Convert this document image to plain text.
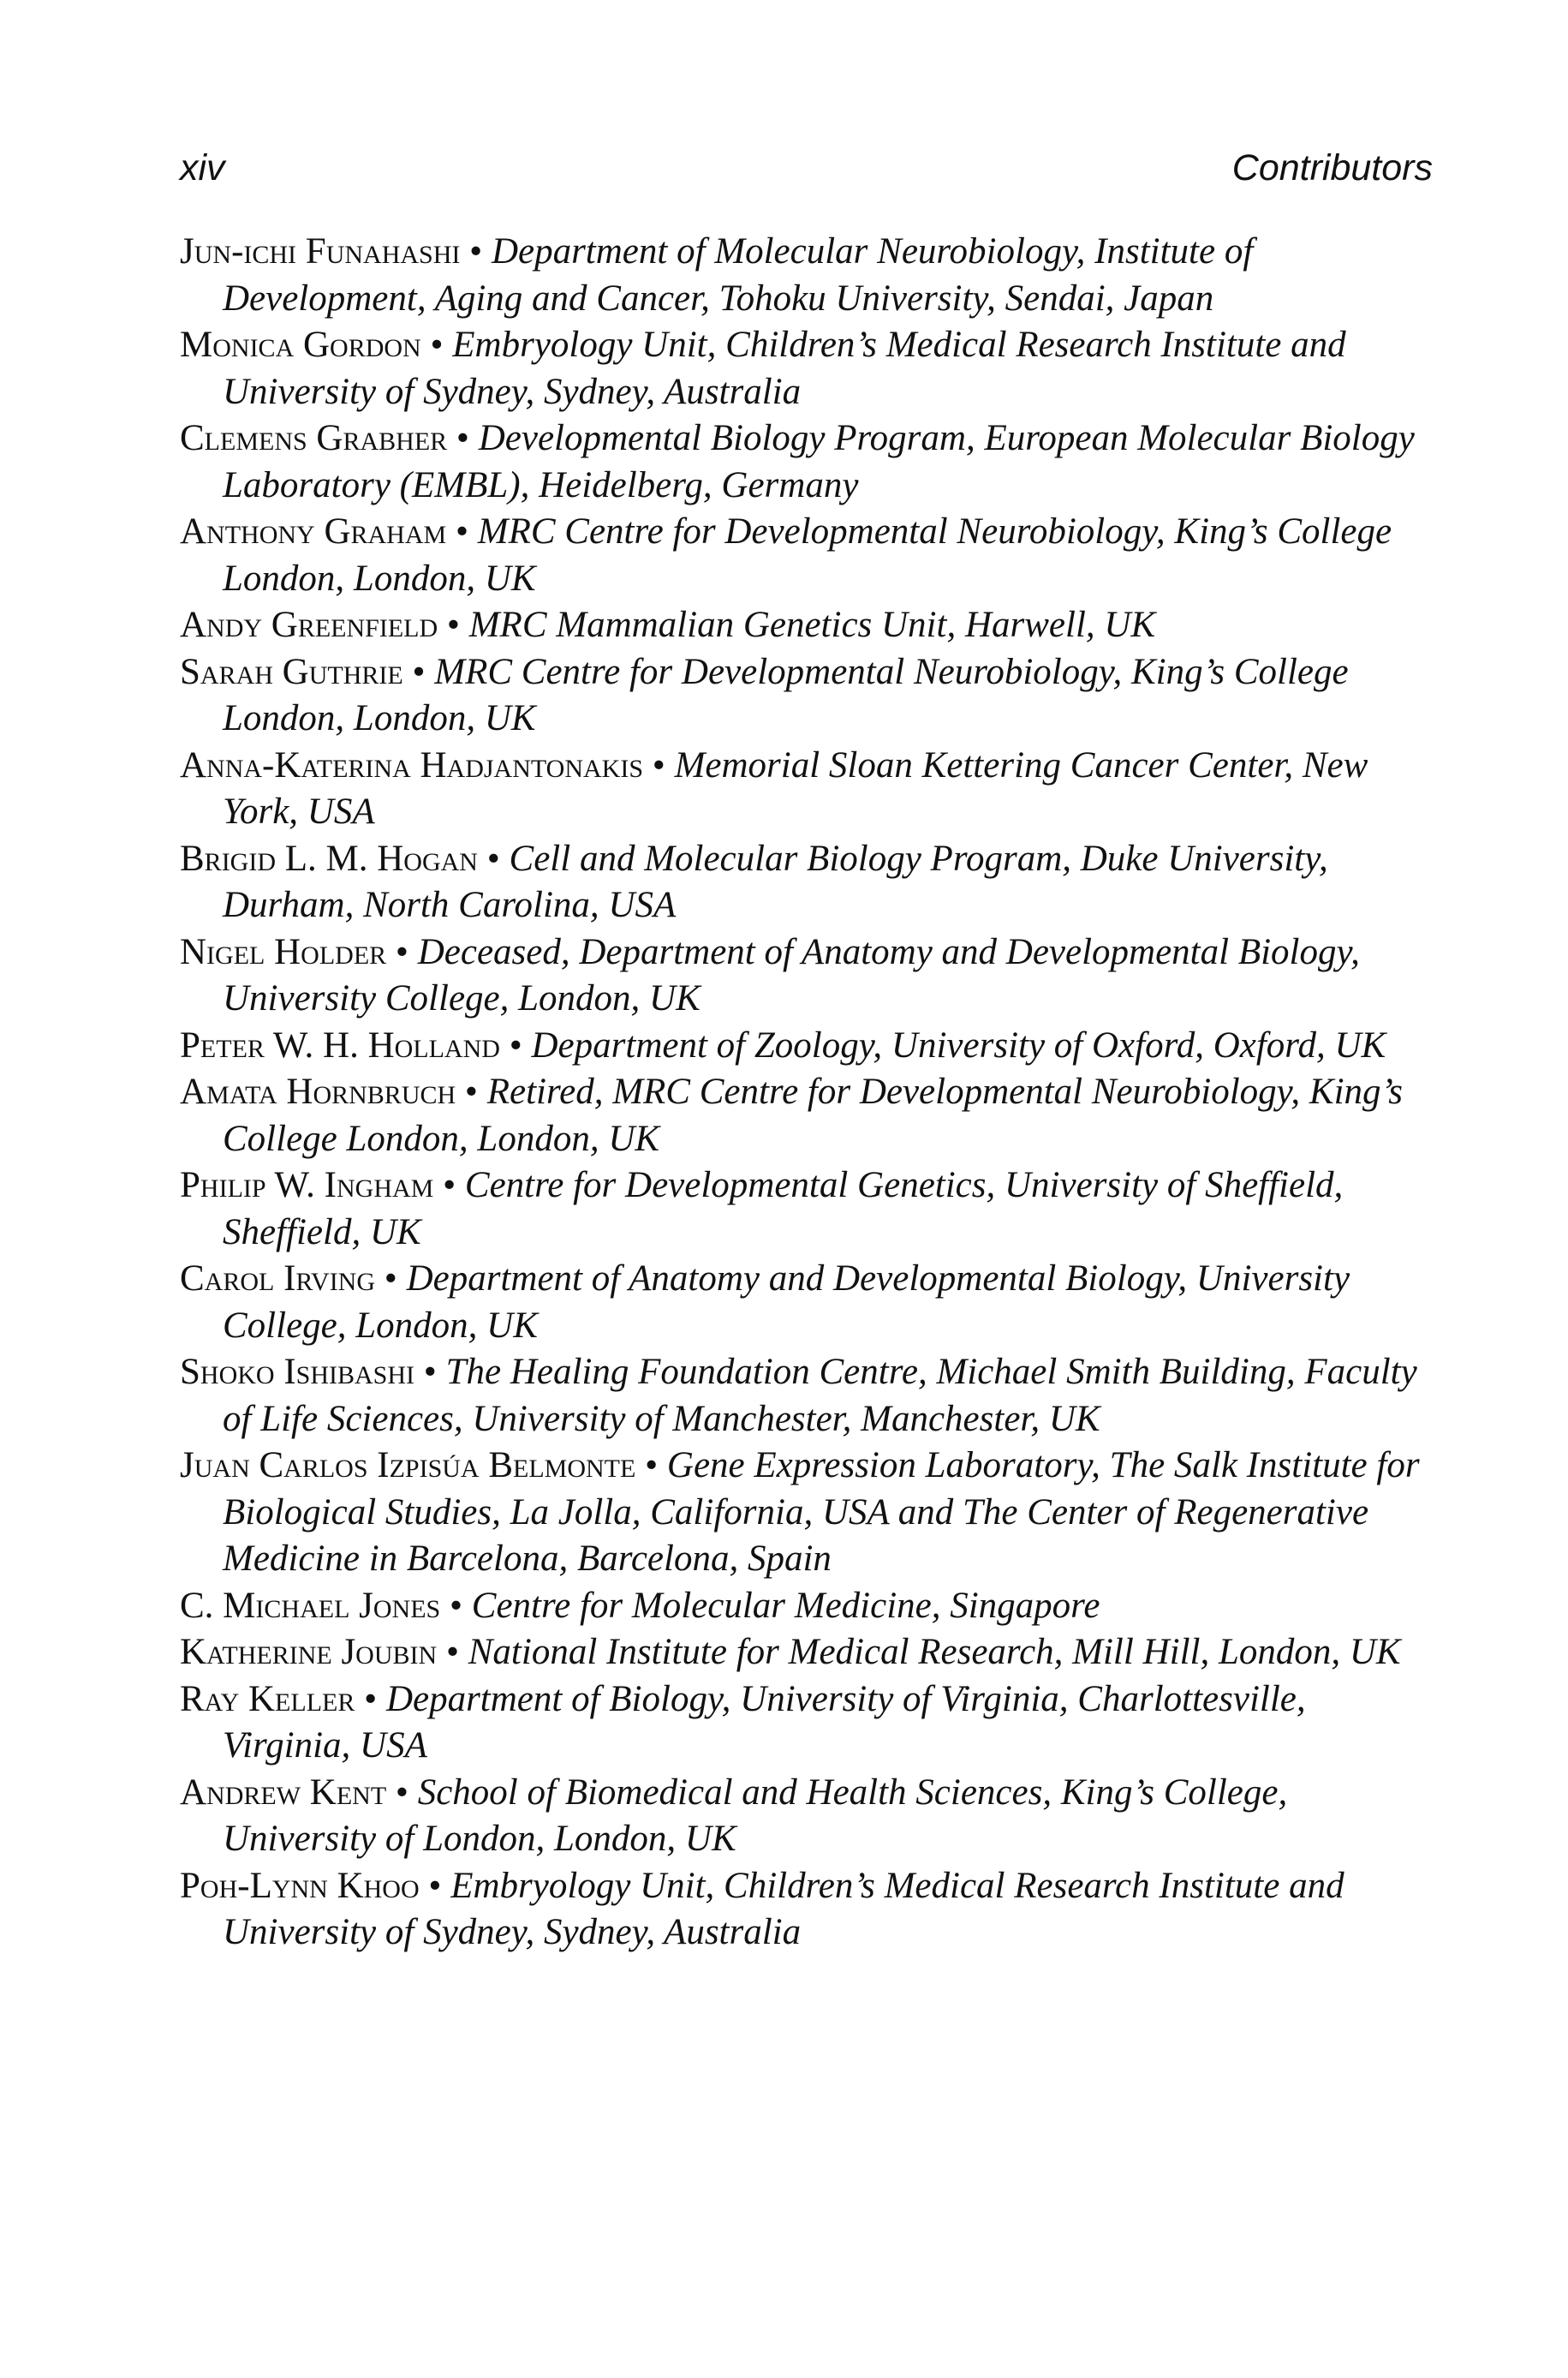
xiv	Contributors
Jun-ichi Funahashi • Department of Molecular Neurobiology, Institute of Development, Aging and Cancer, Tohoku University, Sendai, Japan
Monica Gordon • Embryology Unit, Children’s Medical Research Institute and University of Sydney, Sydney, Australia
Clemens Grabher • Developmental Biology Program, European Molecular Biology Laboratory (EMBL), Heidelberg, Germany
Anthony Graham • MRC Centre for Developmental Neurobiology, King’s College London, London, UK
Andy Greenfield • MRC Mammalian Genetics Unit, Harwell, UK
Sarah Guthrie • MRC Centre for Developmental Neurobiology, King’s College London, London, UK
Anna-Katerina Hadjantonakis • Memorial Sloan Kettering Cancer Center, New York, USA
Brigid L. M. Hogan • Cell and Molecular Biology Program, Duke University, Durham, North Carolina, USA
Nigel Holder • Deceased, Department of Anatomy and Developmental Biology, University College, London, UK
Peter W. H. Holland • Department of Zoology, University of Oxford, Oxford, UK
Amata Hornbruch • Retired, MRC Centre for Developmental Neurobiology, King’s College London, London, UK
Philip W. Ingham • Centre for Developmental Genetics, University of Sheffield, Sheffield, UK
Carol Irving • Department of Anatomy and Developmental Biology, University College, London, UK
Shoko Ishibashi • The Healing Foundation Centre, Michael Smith Building, Faculty of Life Sciences, University of Manchester, Manchester, UK
Juan Carlos Izpisúa Belmonte • Gene Expression Laboratory, The Salk Institute for Biological Studies, La Jolla, California, USA and The Center of Regenerative Medicine in Barcelona, Barcelona, Spain
C. Michael Jones • Centre for Molecular Medicine, Singapore
Katherine Joubin • National Institute for Medical Research, Mill Hill, London, UK
Ray Keller • Department of Biology, University of Virginia, Charlottesville, Virginia, USA
Andrew Kent • School of Biomedical and Health Sciences, King’s College, University of London, London, UK
Poh-Lynn Khoo • Embryology Unit, Children’s Medical Research Institute and University of Sydney, Sydney, Australia
